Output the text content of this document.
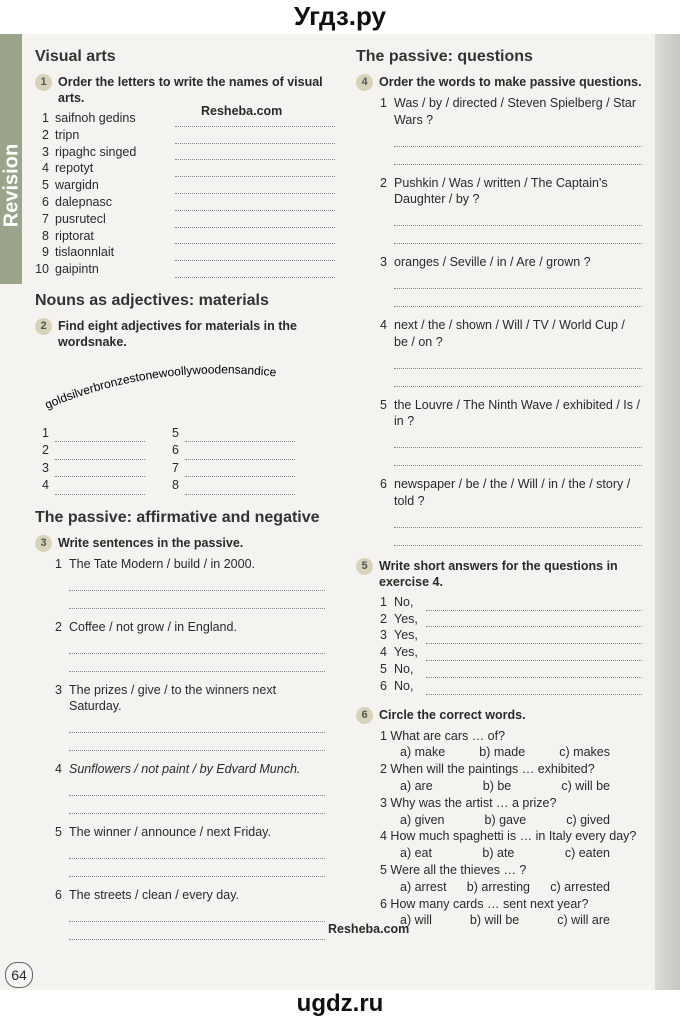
Угдз.ру
Revision
Visual arts
1 Order the letters to write the names of visual arts.
Resheba.com
1 saifnoh gedins
2 tripn
3 ripaghc singed
4 repotyt
5 wargidn
6 dalepnasc
7 pusrutecl
8 riptorat
9 tislaonnlait
10 gaipintn
Nouns as adjectives: materials
2 Find eight adjectives for materials in the wordsnake.
goldsilverbronzestonewoollywoodensandice
1
2
3
4
5
6
7
8
The passive: affirmative and negative
3 Write sentences in the passive.
1 The Tate Modern / build / in 2000.
2 Coffee / not grow / in England.
3 The prizes / give / to the winners next Saturday.
4 Sunflowers / not paint / by Edvard Munch.
5 The winner / announce / next Friday.
6 The streets / clean / every day.
The passive: questions
4 Order the words to make passive questions.
1 Was / by / directed / Steven Spielberg / Star Wars ?
2 Pushkin / Was / written / The Captain's Daughter / by ?
3 oranges / Seville / in / Are / grown ?
4 next / the / shown / Will / TV / World Cup / be / on ?
5 the Louvre / The Ninth Wave / exhibited / Is / in ?
6 newspaper / be / the / Will / in / the / story / told ?
5 Write short answers for the questions in exercise 4.
1 No,
2 Yes,
3 Yes,
4 Yes,
5 No,
6 No,
6 Circle the correct words.
1 What are cars … of?
a) make	b) made	c) makes
2 When will the paintings … exhibited?
a) are	b) be	c) will be
3 Why was the artist … a prize?
a) given	b) gave	c) gived
4 How much spaghetti is … in Italy every day?
a) eat	b) ate	c) eaten
5 Were all the thieves … ?
a) arrest b) arresting c) arrested
6 How many cards … sent next year?
a) will	b) will be	c) will are
Resheba.com
64
ugdz.ru
